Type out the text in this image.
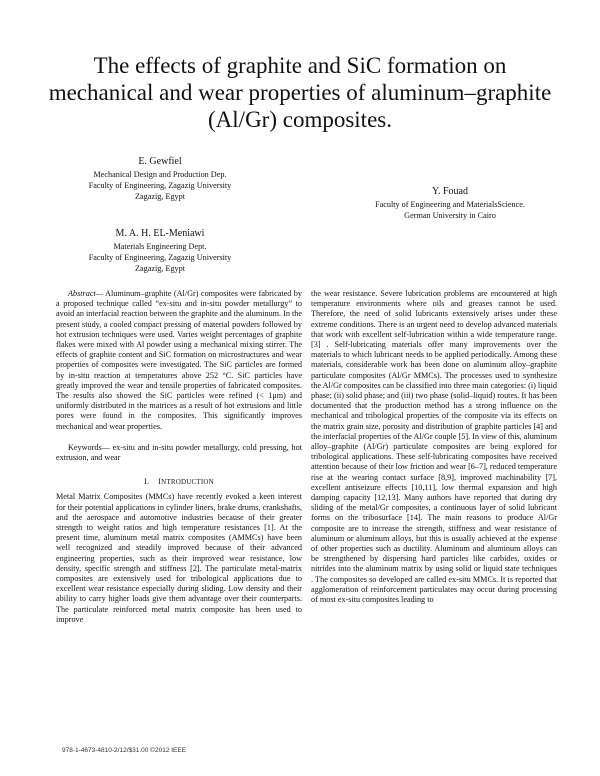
The effects of graphite and SiC formation on mechanical and wear properties of aluminum–graphite (Al/Gr) composites.
E. Gewfiel
Mechanical Design and Production Dep.
Faculty of Engineering, Zagazig University
Zagazig, Egypt	Y. Fouad
Faculty of Engineering and MaterialsScience.
German University in Cairo
M. A. H. EL-Meniawi
Materials Engineering Dept.
Faculty of Engineering, Zagazig University
Zagazig, Egypt

Abstract— Aluminum–graphite (Al/Gr) composites were fabricated by a proposed technique called “ex-situ and in-situ powder metallurgy” to avoid an interfacial reaction between the graphite and the aluminum. In the present study, a cooled compact pressing of material powders followed by hot extrusion techniques were used. Varies weight percentages of graphite flakes were mixed with Al powder using a mechanical mixing stirrer. The effects of graphite content and SiC formation on microstructures and wear properties of composites were investigated. The SiC particles are formed by in-situ reaction at temperatures above 252 °C. SiC particles have greatly improved the wear and tensile properties of fabricated composites. The results also showed the SiC particles were refined (< 1μm) and uniformly distributed in the matrices as a result of hot extrusions and little pores were found in the composites. This significantly improves mechanical and wear properties.

Keywords— ex-situ and in-situ powder metallurgy, cold pressing, hot extrusion, and wear

I. INTRODUCTION

Metal Matrix Composites (MMCs) have recently evoked a keen interest for their potential applications in cylinder liners, brake drums, crankshafts, and the aerospace and automotive industries because of their greater strength to weight ratios and high temperature resistances [1]. At the present time, aluminum metal matrix composites (AMMCs) have been well recognized and steadily improved because of their advanced engineering properties, such as their improved wear resistance, low density, specific strength and stiffness [2]. The particulate metal-matrix composites are extensively used for tribological applications due to excellent wear resistance especially during sliding. Low density and their ability to carry higher loads give them advantage over their counterparts. The particulate reinforced metal matrix composite has been used to improve

the wear resistance. Severe lubrication problems are encountered at high temperature environments where oils and greases cannot be used. Therefore, the need of solid lubricants extensively arises under these extreme conditions. There is an urgent need to develop advanced materials that work with excellent self-lubrication within a wide temperature range.[3] . Self-lubricating materials offer many improvements over the materials to which lubricant needs to be applied periodically. Among these materials, considerable work has been done on aluminum alloy–graphite particulate composites (Al/Gr MMCs). The processes used to synthesize the Al/Gr composites can be classified into three main categories: (i) liquid phase; (ii) solid phase; and (iii) two phase (solid–liquid) routes. It has been documented that the production method has a strong influence on the mechanical and tribological properties of the composite via its effects on the matrix grain size, porosity and distribution of graphite particles [4] and the interfacial properties of the Al/Gr couple [5]. In view of this, aluminum alloy–graphite (Al/Gr) particulate composites are being explored for tribological applications. These self-lubricating composites have received attention because of their low friction and wear [6–7], reduced temperature rise at the wearing contact surface [8,9], improved machinability [7], excellent antiseizure effects [10,11], low thermal expansion and high damping capacity [12,13]. Many authors have reported that during dry sliding of the metal/Gr composites, a continuous layer of solid lubricant forms on the tribosurface [14]. The main reasons to produce Al/Gr composite are to increase the strength, stiffness and wear resistance of aluminum or aluminum alloys, but this is usually achieved at the expense of other properties such as ductility. Aluminum and aluminum alloys can be strengthened by dispersing hard particles like carbides, oxides or nitrides into the aluminum matrix by using solid or liquid state techniques . The composites so developed are called ex-situ MMCs. It is reported that agglomeration of reinforcement particulates may occur during processing of most ex-situ composites leading to

978-1-4673-4810-2/12/$31.00 ©2012 IEEE
